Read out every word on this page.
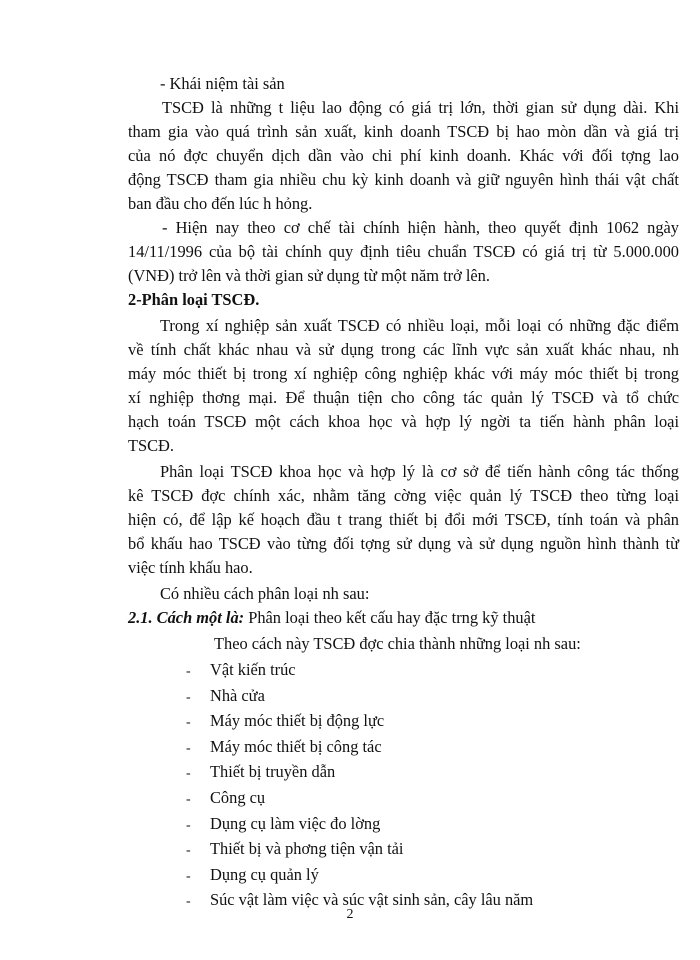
- Khái niệm tài sản
TSCĐ là những t liệu lao động có giá trị lớn, thời gian sử dụng dài. Khi
tham gia vào quá trình sản xuất, kinh doanh TSCĐ bị hao mòn dần và giá trị
của nó đợc chuyển dịch dần vào chi phí kinh doanh. Khác với đối tợng lao
động TSCĐ tham gia nhiều chu kỳ kinh doanh và giữ nguyên hình thái vật chất
ban đầu cho đến lúc h hỏng.
- Hiện nay theo cơ chế tài chính hiện hành, theo quyết định 1062 ngày
14/11/1996 của bộ tài chính quy định tiêu chuẩn TSCĐ có giá trị từ 5.000.000
(VNĐ) trở lên và thời gian sử dụng từ một năm trở lên.
2-Phân loại TSCĐ.
Trong xí nghiệp sản xuất TSCĐ có nhiều loại, mỗi loại có những đặc điểm
về tính chất khác nhau và sử dụng trong các lĩnh vực sản xuất khác nhau, nh
máy móc thiết bị trong xí nghiệp công nghiệp khác với máy móc thiết bị trong
xí nghiệp thơng mại. Để thuận tiện cho công tác quản lý TSCĐ và tổ chức
hạch toán TSCĐ một cách khoa học và hợp lý ngời ta tiến hành phân loại
TSCĐ.
Phân loại TSCĐ khoa học và hợp lý là cơ sở để tiến hành công tác thống
kê TSCĐ đợc chính xác, nhằm tăng cờng việc quản lý TSCĐ theo từng loại
hiện có, để lập kế hoạch đầu t trang thiết bị đổi mới TSCĐ, tính toán và phân
bổ khấu hao TSCĐ vào từng đối tợng sử dụng và sử dụng nguồn hình thành từ
việc tính khấu hao.
Có nhiều cách phân loại nh sau:
2.1. Cách một là: Phân loại theo kết cấu hay đặc trng kỹ thuật
Theo cách này TSCĐ đợc chia thành những loại nh sau:
- Vật kiến trúc
- Nhà cửa
- Máy móc thiết bị động lực
- Máy móc thiết bị công tác
- Thiết bị truyền dẫn
- Công cụ
- Dụng cụ làm việc đo lờng
- Thiết bị và phơng tiện vận tải
- Dụng cụ quản lý
- Súc vật làm việc và súc vật sinh sản, cây lâu năm
2
